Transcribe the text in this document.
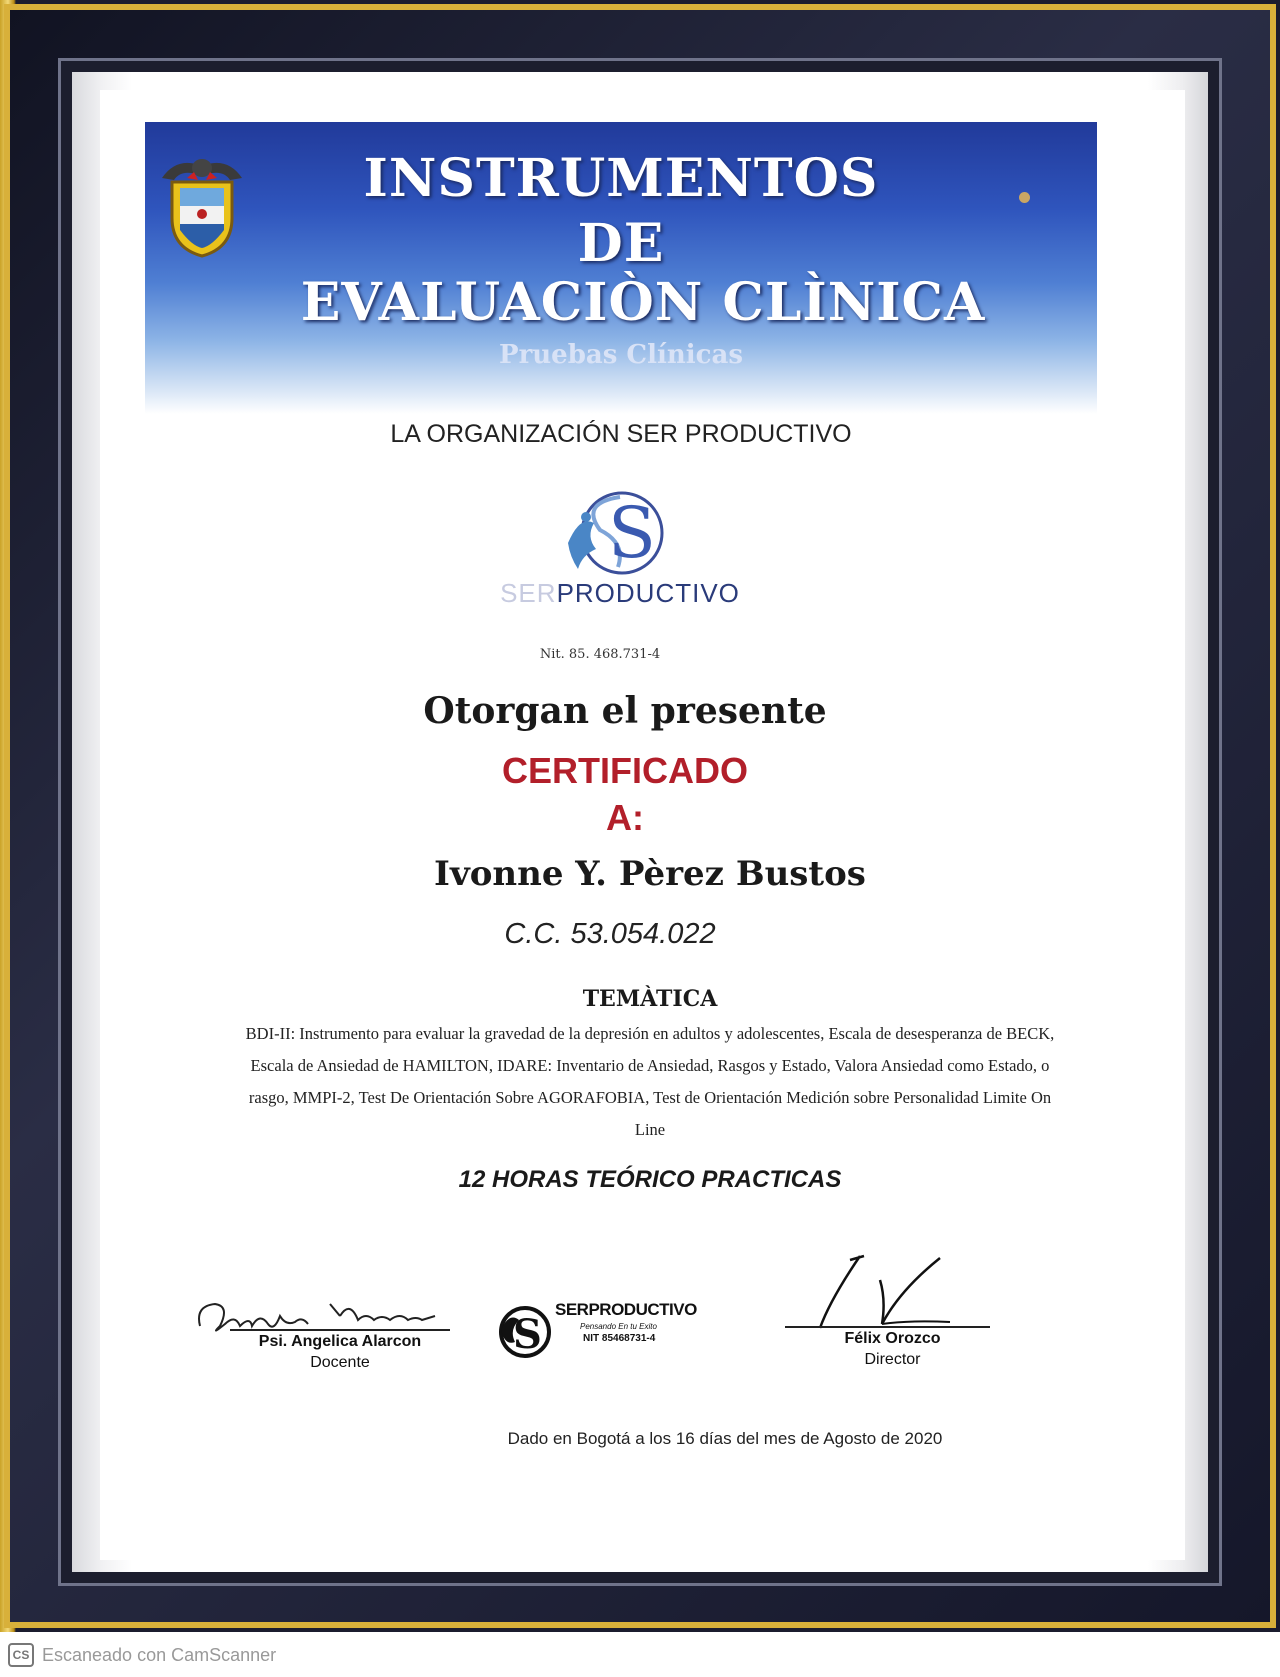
INSTRUMENTOS
DE
EVALUACIÒN CLÌNICA
Pruebas Clínicas
LA ORGANIZACIÓN SER PRODUCTIVO
S
SERPRODUCTIVO
Nit. 85. 468.731-4
Otorgan el presente
CERTIFICADO
A:
Ivonne Y. Pèrez Bustos
C.C. 53.054.022
TEMÀTICA
BDI-II: Instrumento para evaluar la gravedad de la depresión en adultos y adolescentes, Escala de desesperanza de BECK, Escala de Ansiedad de HAMILTON, IDARE: Inventario de Ansiedad, Rasgos y Estado, Valora Ansiedad como Estado, o rasgo, MMPI-2, Test De Orientación Sobre AGORAFOBIA, Test de Orientación Medición sobre Personalidad Limite On Line
12 HORAS TEÓRICO PRACTICAS
Psi. Angelica Alarcon
Docente
S
SERPRODUCTIVO
Pensando En tu Exito
NIT 85468731-4	Félix Orozco
Director
Dado en Bogotá a los 16 días del mes de Agosto de 2020
CS Escaneado con CamScanner
